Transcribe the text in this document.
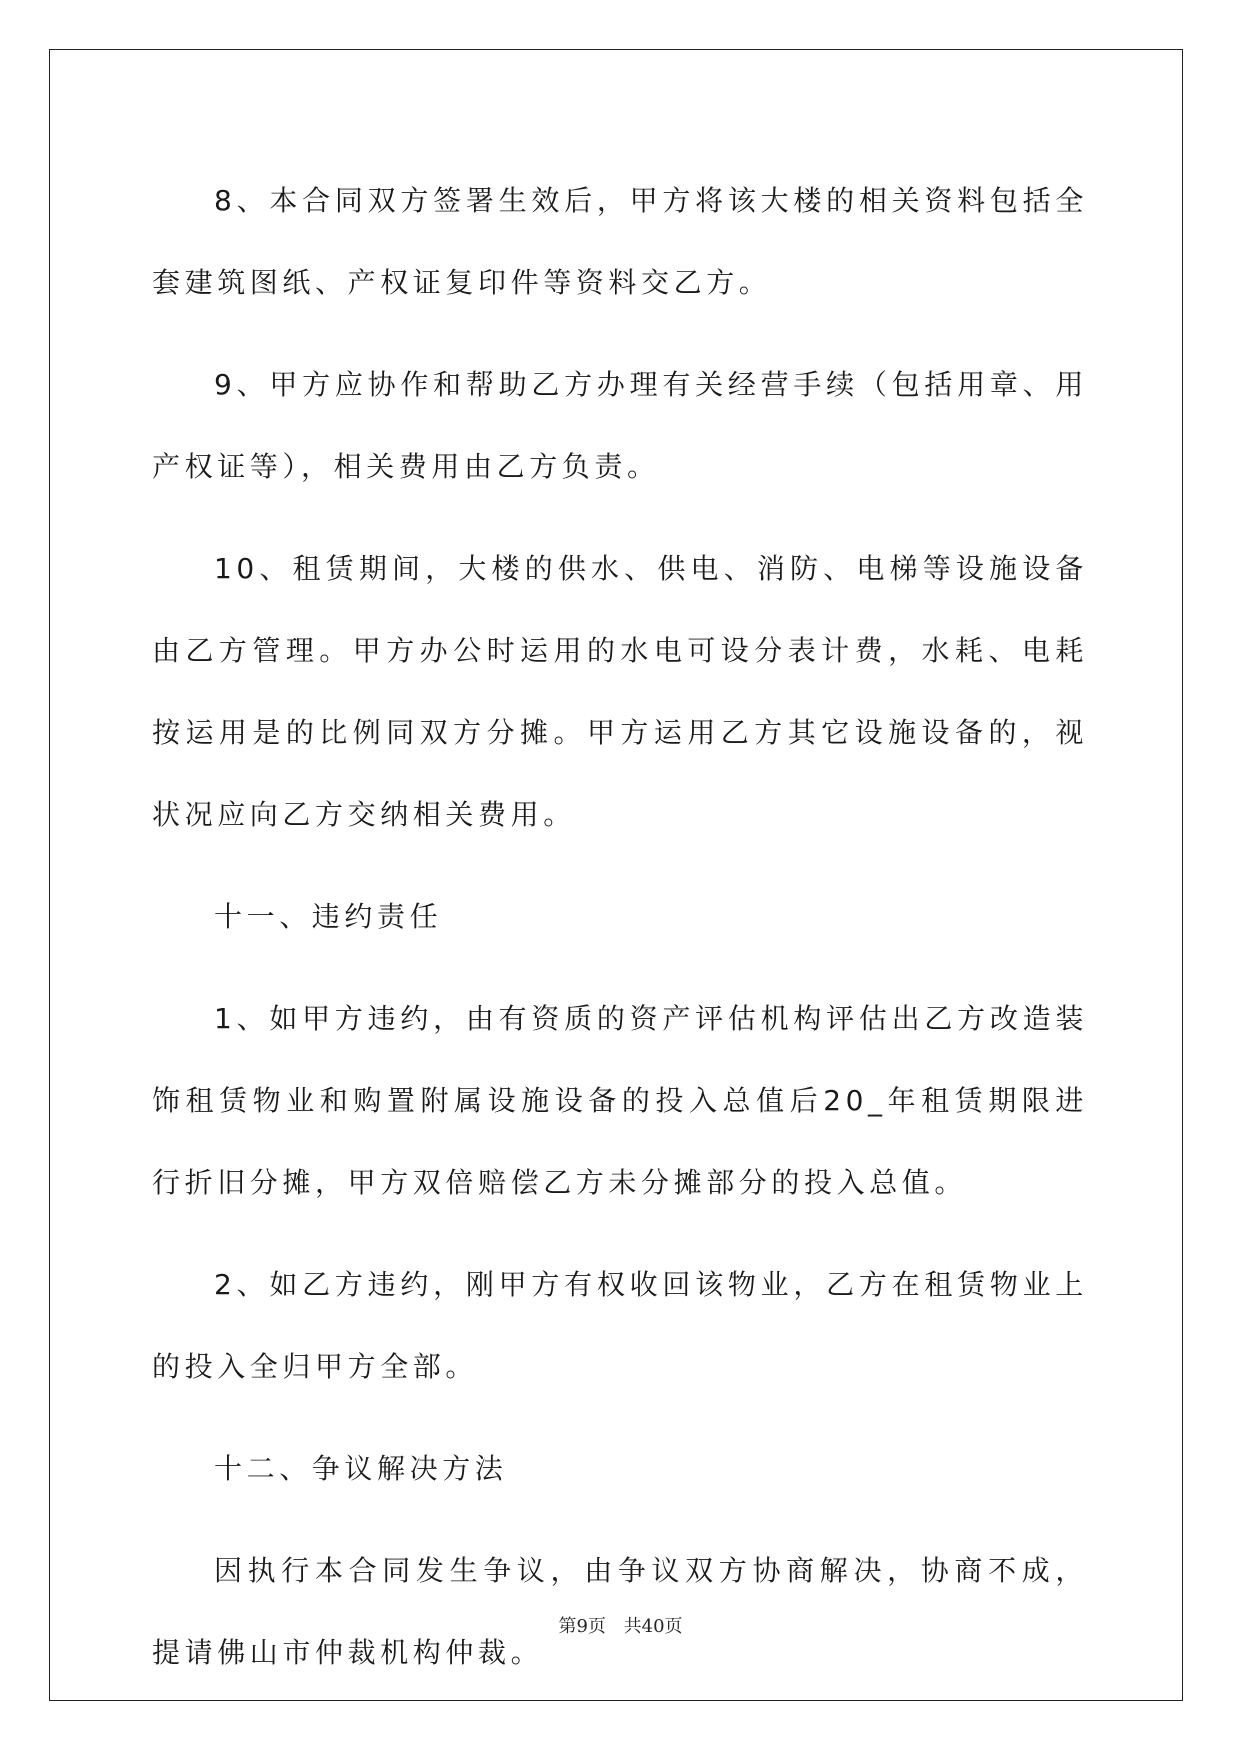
8、本合同双方签署生效后，甲方将该大楼的相关资料包括全套建筑图纸、产权证复印件等资料交乙方。

9、甲方应协作和帮助乙方办理有关经营手续（包括用章、用产权证等），相关费用由乙方负责。

10、租赁期间，大楼的供水、供电、消防、电梯等设施设备由乙方管理。甲方办公时运用的水电可设分表计费，水耗、电耗按运用是的比例同双方分摊。甲方运用乙方其它设施设备的，视状况应向乙方交纳相关费用。

十一、违约责任

1、如甲方违约，由有资质的资产评估机构评估出乙方改造装饰租赁物业和购置附属设施设备的投入总值后20_年租赁期限进行折旧分摊，甲方双倍赔偿乙方未分摊部分的投入总值。

2、如乙方违约，刚甲方有权收回该物业，乙方在租赁物业上的投入全归甲方全部。

十二、争议解决方法

因执行本合同发生争议，由争议双方协商解决，协商不成，提请佛山市仲裁机构仲裁。

第9页 共40页
